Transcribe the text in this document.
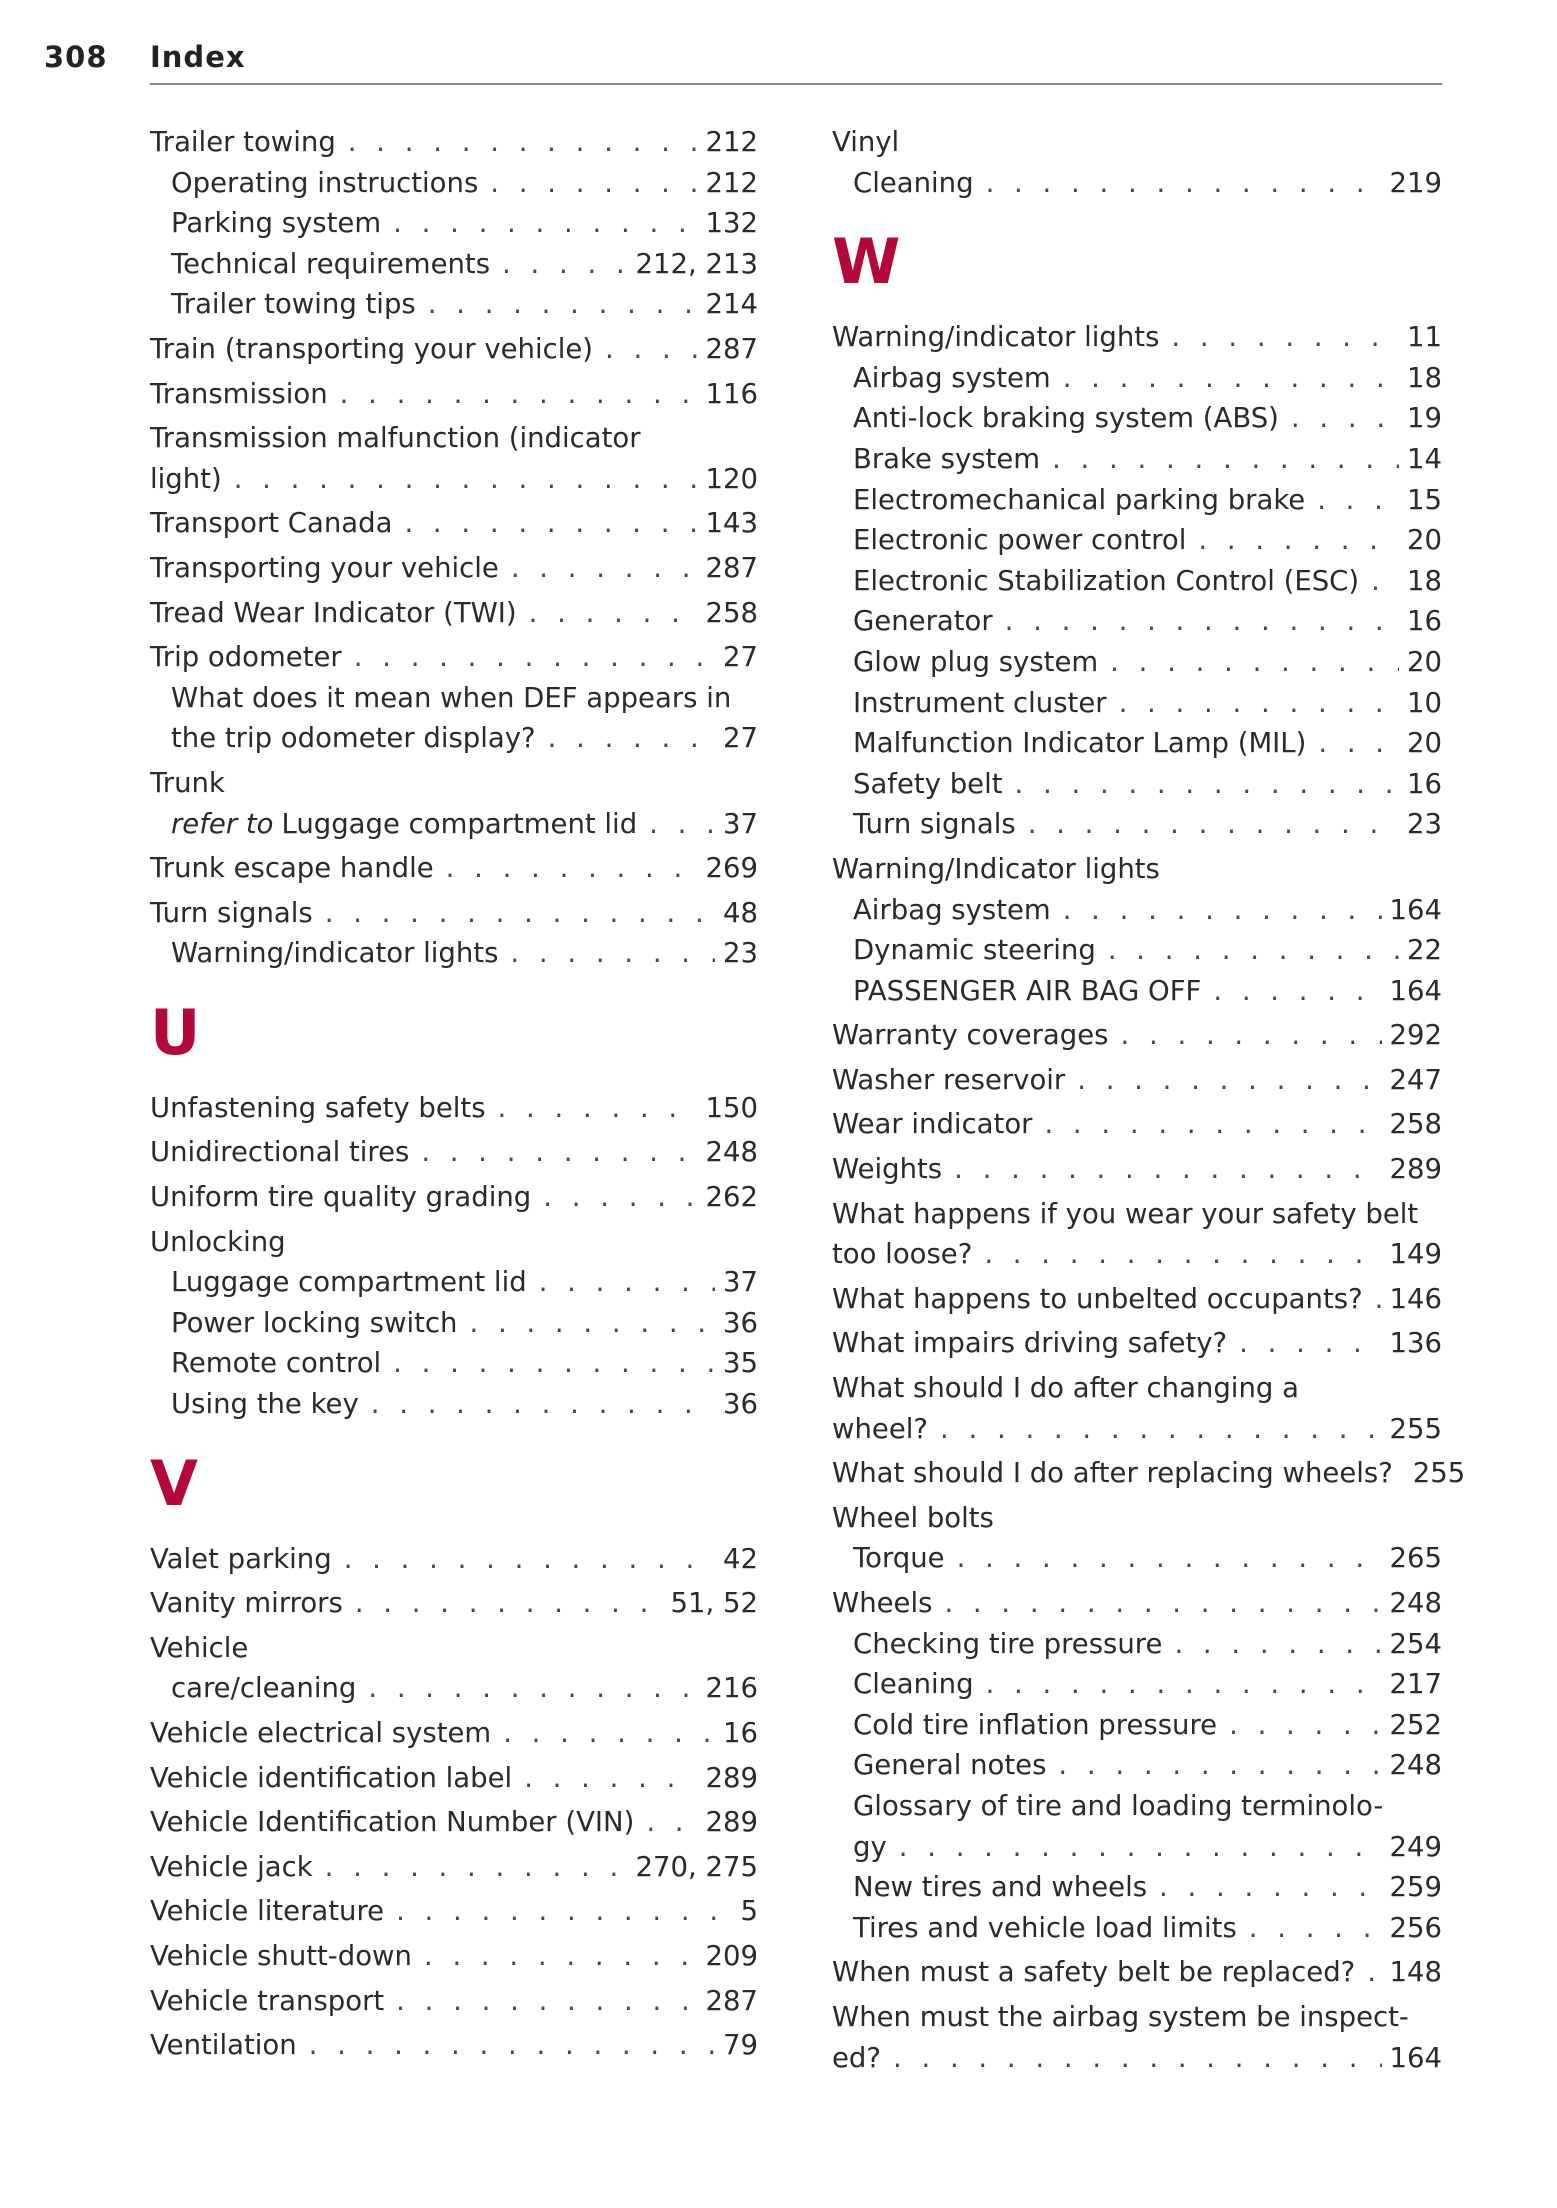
308 Index
Trailer towing . . .	212
Operating instructions . . .	212
Parking system . . .	132
Technical requirements . . .	212, 213
Trailer towing tips . . .	214
Train (transporting your vehicle) . . .	287
Transmission . . .	116
Transmission malfunction (indicator
light) . . .	120
Transport Canada . . .	143
Transporting your vehicle . . .	287
Tread Wear Indicator (TWI) . . .	258
Trip odometer . . .	27
What does it mean when DEF appears in
the trip odometer display? . . .	27
Trunk
refer to Luggage compartment lid . . .	37
Trunk escape handle . . .	269
Turn signals . . .	48
Warning/indicator lights . . .	23
U
Unfastening safety belts . . .	150
Unidirectional tires . . .	248
Uniform tire quality grading . . .	262
Unlocking
Luggage compartment lid . . .	37
Power locking switch . . .	36
Remote control . . .	35
Using the key . . .	36
V
Valet parking . . .	42
Vanity mirrors . . .	51, 52
Vehicle
care/cleaning . . .	216
Vehicle electrical system . . .	16
Vehicle identification label . . .	289
Vehicle Identification Number (VIN) . . .	289
Vehicle jack . . .	270, 275
Vehicle literature . . .	5
Vehicle shutt-down . . .	209
Vehicle transport . . .	287
Ventilation . . .	79
Vinyl
Cleaning . . .	219
W
Warning/indicator lights . . .	11
Airbag system . . .	18
Anti-lock braking system (ABS) . . .	19
Brake system . . .	14
Electromechanical parking brake . . .	15
Electronic power control . . .	20
Electronic Stabilization Control (ESC) . . . 18
Generator . . .	16
Glow plug system . . .	20
Instrument cluster . . .	10
Malfunction Indicator Lamp (MIL) . . .	20
Safety belt . . .	16
Turn signals . . .	23
Warning/Indicator lights
Airbag system . . .	164
Dynamic steering . . .	22
PASSENGER AIR BAG OFF . . .	164
Warranty coverages . . .	292
Washer reservoir . . .	247
Wear indicator . . .	258
Weights . . .	289
What happens if you wear your safety belt
too loose? . . .	149
What happens to unbelted occupants? . . . 146
What impairs driving safety? . . .	136
What should I do after changing a
wheel? . . .	255
What should I do after replacing wheels? 255
Wheel bolts
Torque . . .	265
Wheels . . .	248
Checking tire pressure . . .	254
Cleaning . . .	217
Cold tire inflation pressure . . .	252
General notes . . .	248
Glossary of tire and loading terminolo-
gy . . .	249
New tires and wheels . . .	259
Tires and vehicle load limits . . .	256
When must a safety belt be replaced? . . . 148
When must the airbag system be inspect-
ed? . . .	164
